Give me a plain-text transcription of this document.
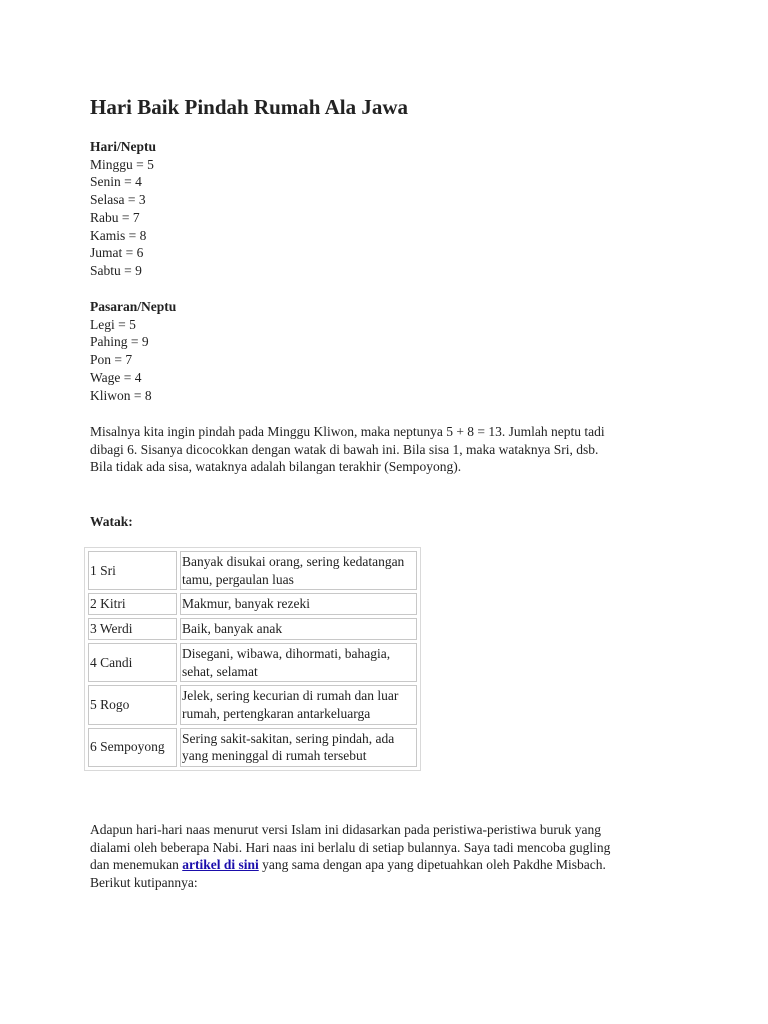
Hari Baik Pindah Rumah Ala Jawa
Hari/Neptu
Minggu = 5
Senin = 4
Selasa = 3
Rabu = 7
Kamis = 8
Jumat = 6
Sabtu = 9
Pasaran/Neptu
Legi = 5
Pahing = 9
Pon = 7
Wage = 4
Kliwon = 8
Misalnya kita ingin pindah pada Minggu Kliwon, maka neptunya 5 + 8 = 13. Jumlah neptu tadi
dibagi 6. Sisanya dicocokkan dengan watak di bawah ini. Bila sisa 1, maka wataknya Sri, dsb.
Bila tidak ada sisa, wataknya adalah bilangan terakhir (Sempoyong).
Watak:
1 Sri	Banyak disukai orang, sering kedatangan tamu, pergaulan luas
2 Kitri	Makmur, banyak rezeki
3 Werdi	Baik, banyak anak
4 Candi	Disegani, wibawa, dihormati, bahagia, sehat, selamat
5 Rogo	Jelek, sering kecurian di rumah dan luar rumah, pertengkaran antarkeluarga
6 Sempoyong	Sering sakit-sakitan, sering pindah, ada yang meninggal di rumah tersebut
Adapun hari-hari naas menurut versi Islam ini didasarkan pada peristiwa-peristiwa buruk yang
dialami oleh beberapa Nabi. Hari naas ini berlalu di setiap bulannya. Saya tadi mencoba gugling
dan menemukan artikel di sini yang sama dengan apa yang dipetuahkan oleh Pakdhe Misbach.
Berikut kutipannya:
